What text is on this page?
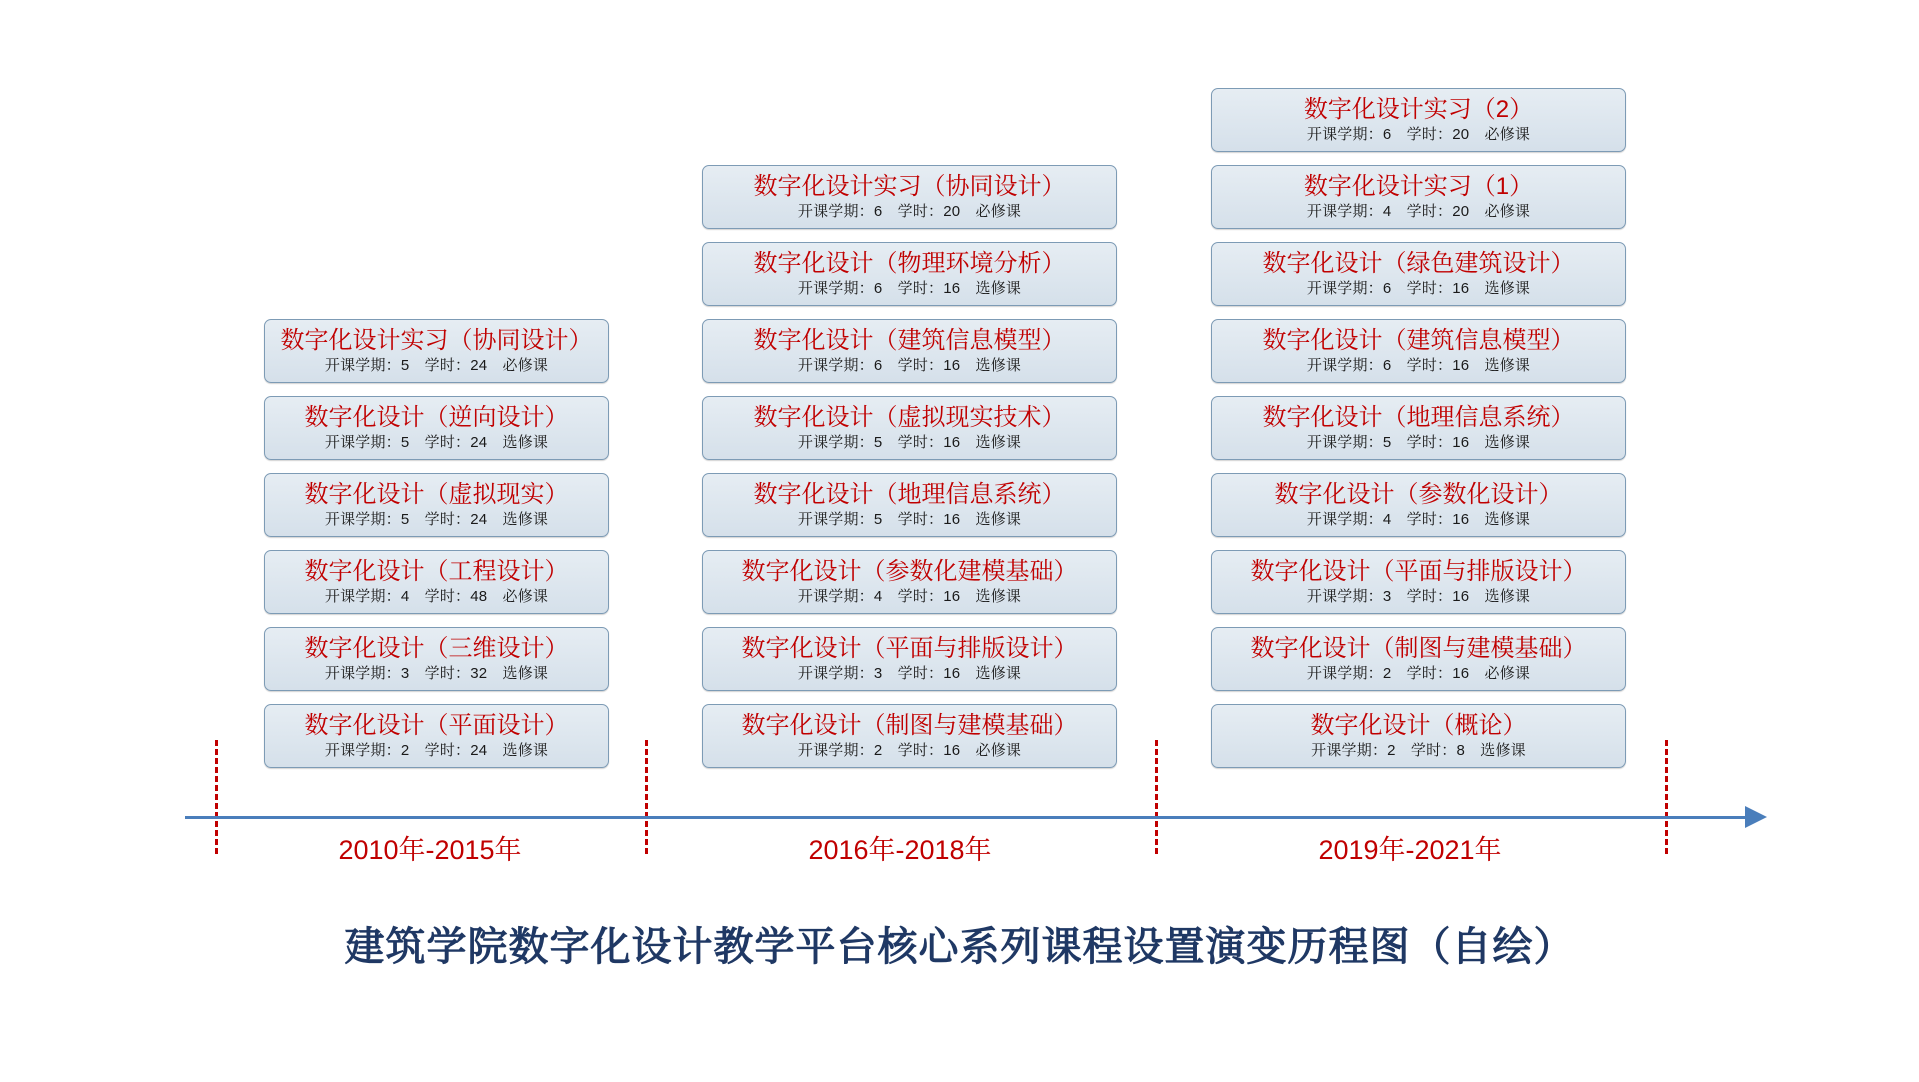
数字化设计实习（协同设计）
开课学期：5　学时：24　必修课
数字化设计（逆向设计）
开课学期：5　学时：24　选修课
数字化设计（虚拟现实）
开课学期：5　学时：24　选修课
数字化设计（工程设计）
开课学期：4　学时：48　必修课
数字化设计（三维设计）
开课学期：3　学时：32　选修课
数字化设计（平面设计）
开课学期：2　学时：24　选修课
数字化设计实习（协同设计）
开课学期：6　学时：20　必修课
数字化设计（物理环境分析）
开课学期：6　学时：16　选修课
数字化设计（建筑信息模型）
开课学期：6　学时：16　选修课
数字化设计（虚拟现实技术）
开课学期：5　学时：16　选修课
数字化设计（地理信息系统）
开课学期：5　学时：16　选修课
数字化设计（参数化建模基础）
开课学期：4　学时：16　选修课
数字化设计（平面与排版设计）
开课学期：3　学时：16　选修课
数字化设计（制图与建模基础）
开课学期：2　学时：16　必修课
数字化设计实习（2）
开课学期：6　学时：20　必修课
数字化设计实习（1）
开课学期：4　学时：20　必修课
数字化设计（绿色建筑设计）
开课学期：6　学时：16　选修课
数字化设计（建筑信息模型）
开课学期：6　学时：16　选修课
数字化设计（地理信息系统）
开课学期：5　学时：16　选修课
数字化设计（参数化设计）
开课学期：4　学时：16　选修课
数字化设计（平面与排版设计）
开课学期：3　学时：16　选修课
数字化设计（制图与建模基础）
开课学期：2　学时：16　必修课
数字化设计（概论）
开课学期：2　学时：8　选修课
2010年-2015年	2016年-2018年	2019年-2021年
建筑学院数字化设计教学平台核心系列课程设置演变历程图（自绘）
